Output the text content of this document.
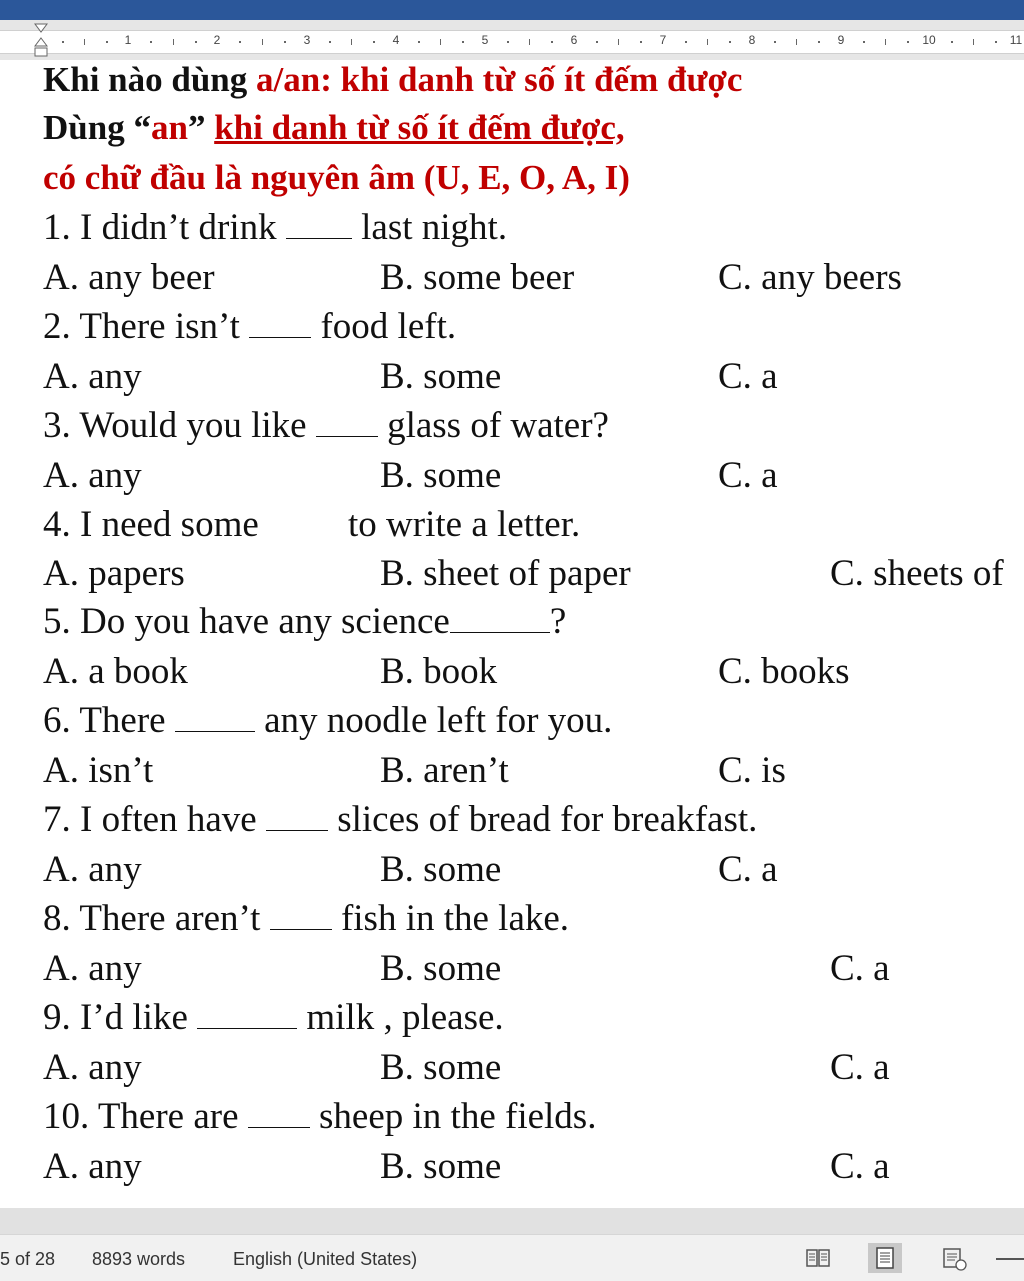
1	2	3	4	5	6	7	8	9	10	11
Khi nào dùng a/an: khi danh từ số ít đếm được
Dùng “an” khi danh từ số ít đếm được,
có chữ đầu là nguyên âm (U, E, O, A, I)
1. I didn’t drink  last night.
A. any beer	B. some beer	C. any beers
2. There isn’t  food left.
A. any	B. some	C. a
3. Would you like  glass of water?
A. any	B. some	C. a
4. I need some to write a letter.
A. papers	B. sheet of paper	C. sheets of
5. Do you have any science	?
A. a book	B. book	C. books
6. There  any noodle left for you.
A. isn’t	B. aren’t	C. is
7. I often have  slices of bread for breakfast.
A. any	B. some	C. a
8. There aren’t  fish in the lake.
A. any	B. some	C. a
9. I’d like	milk , please.
A. any	B. some	C. a
10. There are  sheep in the fields.
A. any	B. some	C. a
5 of 28 8893 words	English (United States)
